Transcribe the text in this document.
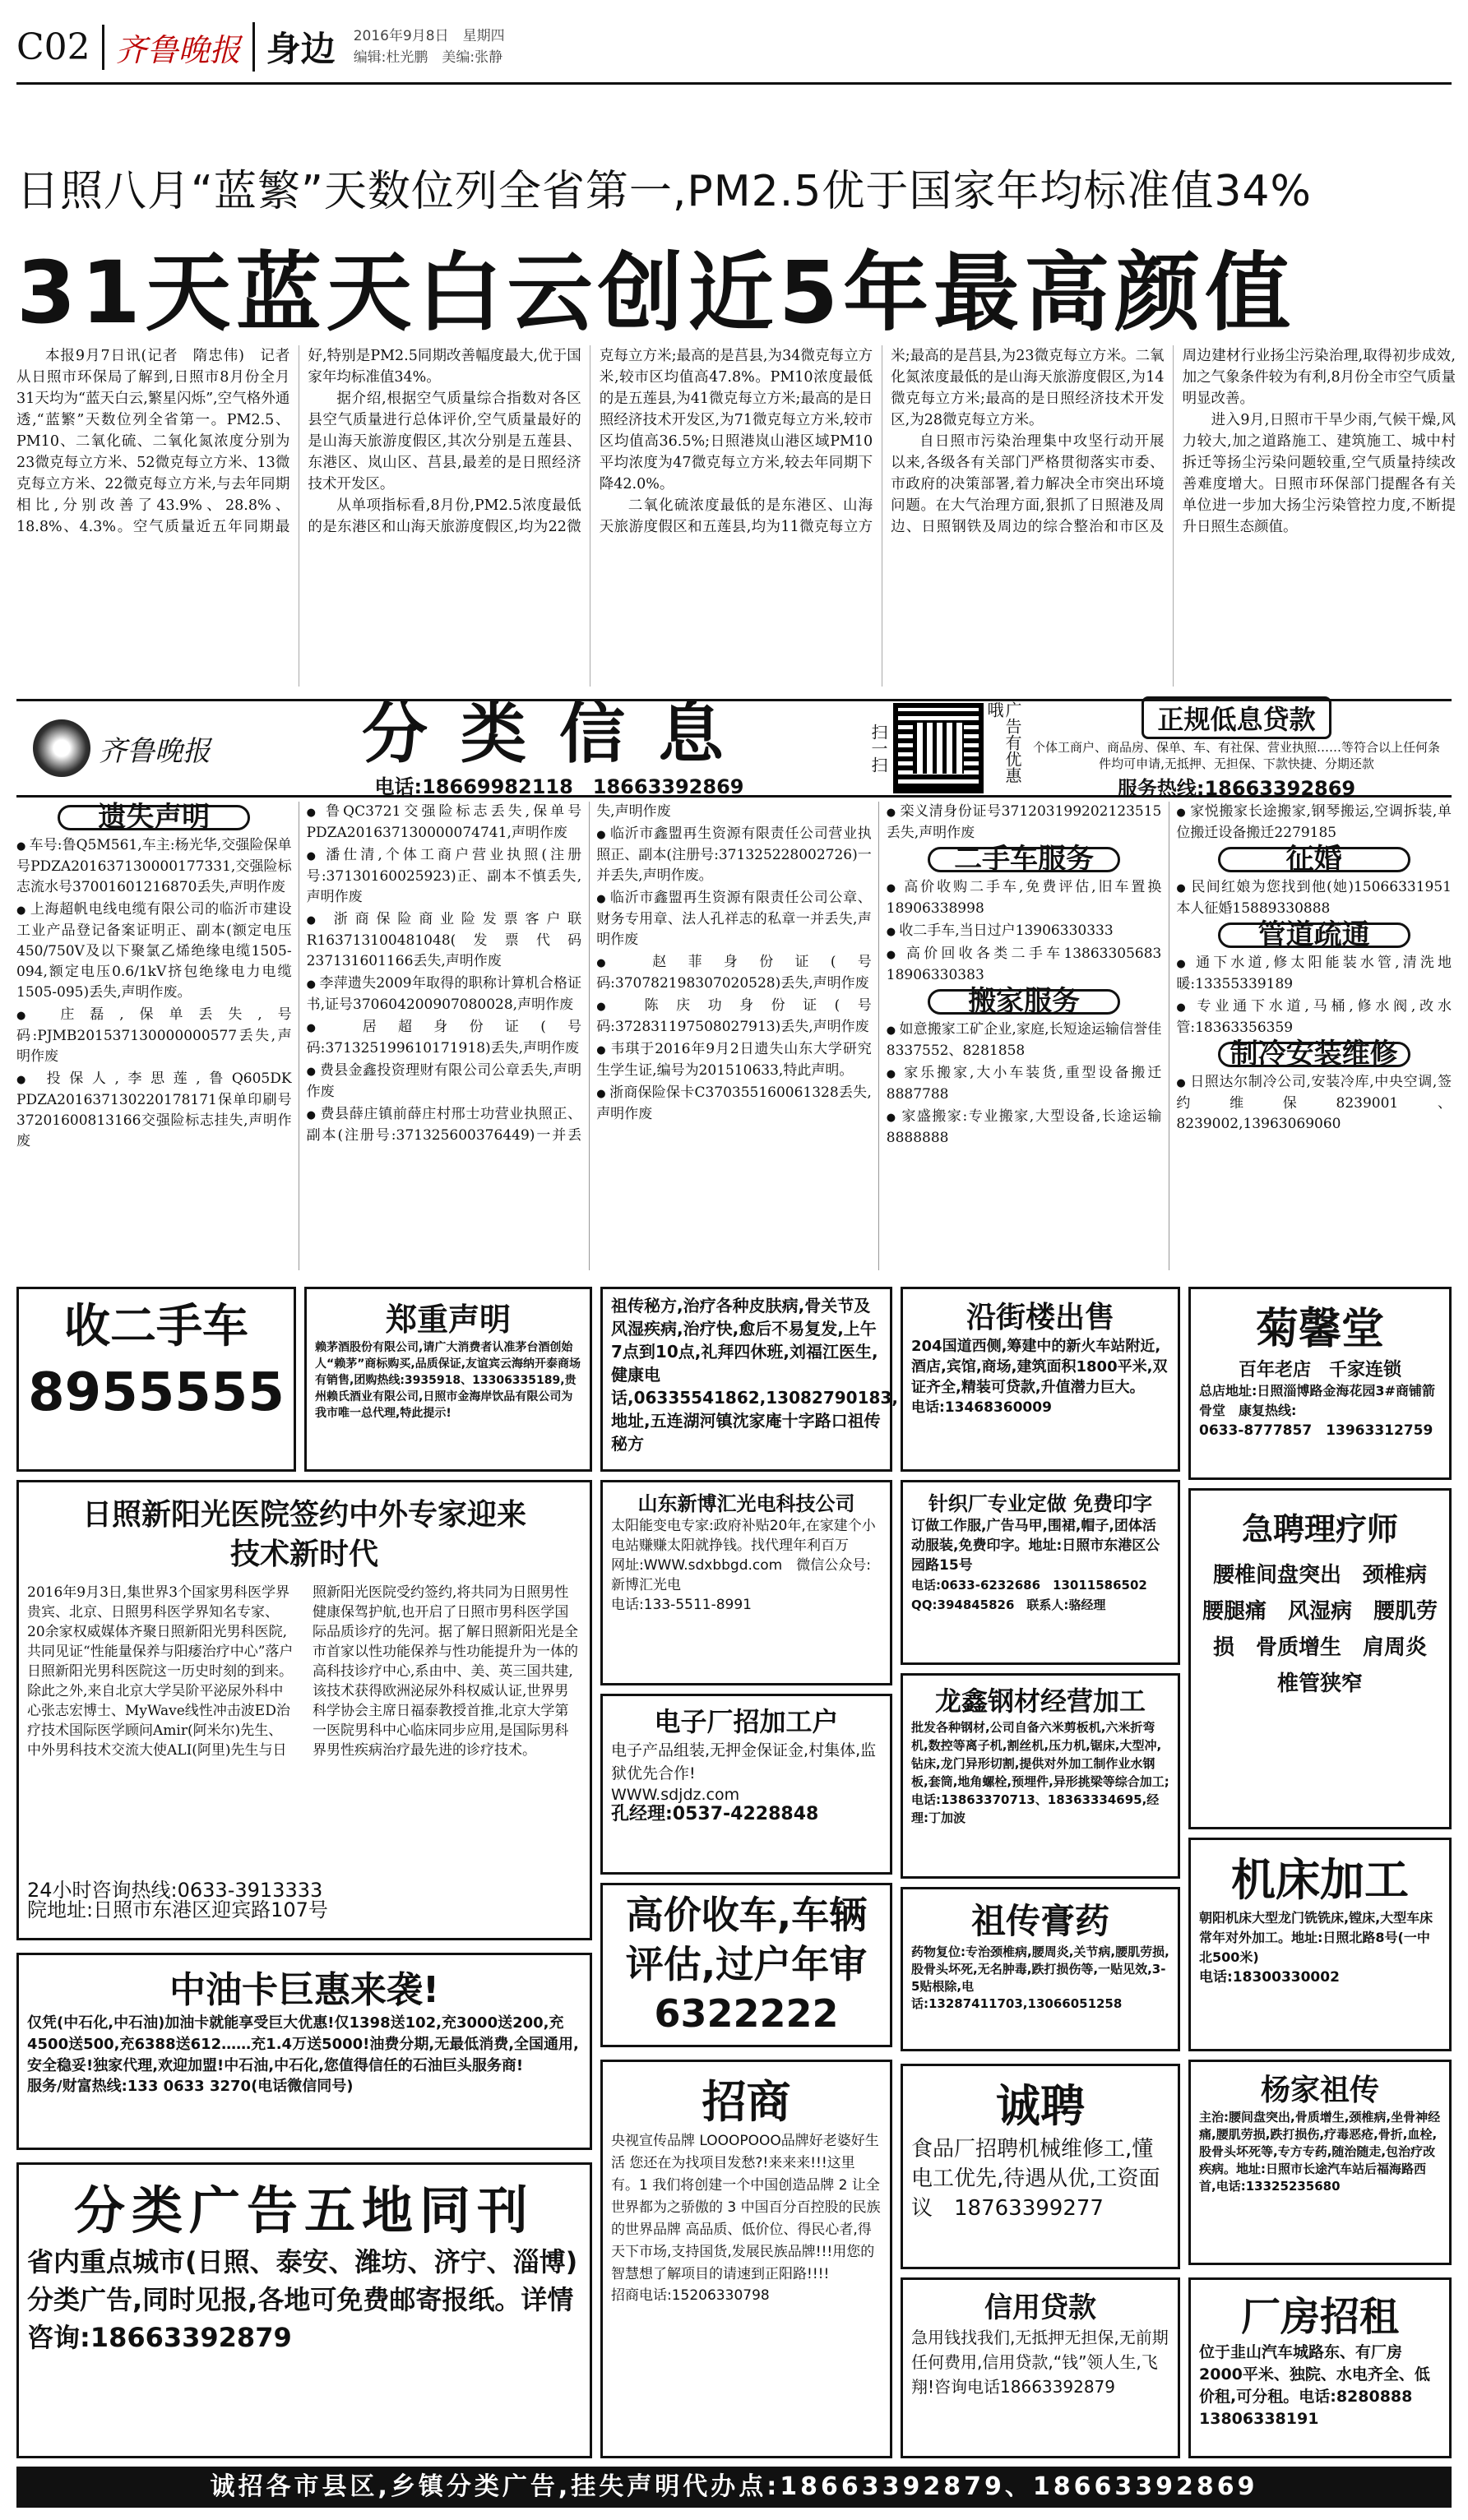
C02 齐鲁晚报 身边 2016年9月8日　星期四
编辑:杜光鹏　美编:张静
日照八月“蓝繁”天数位列全省第一,PM2.5优于国家年均标准值34%
31天蓝天白云创近5年最高颜值

本报9月7日讯(记者　隋忠伟)　记者从日照市环保局了解到,日照市8月份全月31天均为“蓝天白云,繁星闪烁”,空气格外通透,“蓝繁”天数位列全省第一。PM2.5、PM10、二氧化硫、二氧化氮浓度分别为23微克每立方米、52微克每立方米、13微克每立方米、22微克每立方米,与去年同期相比,分别改善了43.9%、28.8%、18.8%、4.3%。空气质量近五年同期最好,特别是PM2.5同期改善幅度最大,优于国家年均标准值34%。

据介绍,根据空气质量综合指数对各区县空气质量进行总体评价,空气质量最好的是山海天旅游度假区,其次分别是五莲县、东港区、岚山区、莒县,最差的是日照经济技术开发区。

从单项指标看,8月份,PM2.5浓度最低的是东港区和山海天旅游度假区,均为22微克每立方米;最高的是莒县,为34微克每立方米,较市区均值高47.8%。PM10浓度最低的是五莲县,为41微克每立方米;最高的是日照经济技术开发区,为71微克每立方米,较市区均值高36.5%;日照港岚山港区域PM10平均浓度为47微克每立方米,较去年同期下降42.0%。

二氧化硫浓度最低的是东港区、山海天旅游度假区和五莲县,均为11微克每立方米;最高的是莒县,为23微克每立方米。二氧化氮浓度最低的是山海天旅游度假区,为14微克每立方米;最高的是日照经济技术开发区,为28微克每立方米。

自日照市污染治理集中攻坚行动开展以来,各级各有关部门严格贯彻落实市委、市政府的决策部署,着力解决全市突出环境问题。在大气治理方面,狠抓了日照港及周边、日照钢铁及周边的综合整治和市区及周边建材行业扬尘污染治理,取得初步成效,加之气象条件较为有利,8月份全市空气质量明显改善。

进入9月,日照市干旱少雨,气候干燥,风力较大,加之道路施工、建筑施工、城中村拆迁等扬尘污染问题较重,空气质量持续改善难度增大。日照市环保部门提醒各有关单位进一步加大扬尘污染管控力度,不断提升日照生态颜值。

齐鲁晚报	分类信息
电话:18669982118　18663392869
扫一扫	广告有优惠哦	正规低息贷款
个体工商户、商品房、保单、车、有社保、营业执照……等符合以上任何条件均可申请,无抵押、无担保、下款快捷、分期还款
服务热线:18663392869
遗失声明
● 车号:鲁Q5M561,车主:杨光华,交强险保单号PDZA201637130000177331,交强险标志流水号37001601216870丢失,声明作废
● 上海超帆电线电缆有限公司的临沂市建设工业产品登记备案证明正、副本(额定电压450/750V及以下聚氯乙烯绝缘电缆1505-094,额定电压0.6/1kV挤包绝缘电力电缆1505-095)丢失,声明作废。
● 庄磊,保单丢失,号码:PJMB201537130000000577丢失,声明作废
● 投保人,李思莲,鲁Q605DK PDZA201637130220178171保单印刷号37201600813166交强险标志挂失,声明作废
● 鲁QC3721交强险标志丢失,保单号PDZA201637130000074741,声明作废
● 潘仕清,个体工商户营业执照(注册号:37130160025923)正、副本不慎丢失,声明作废
● 浙商保险商业险发票客户联R163713100481048(发票代码237131601166丢失,声明作废
● 李萍遗失2009年取得的职称计算机合格证书,证号370604200907080028,声明作废
● 居超身份证(号码:371325199610171918)丢失,声明作废
● 费县金鑫投资理财有限公司公章丢失,声明作废
● 费县薛庄镇前薛庄村邢士功营业执照正、副本(注册号:371325600376449)一并丢失,声明作废
● 临沂市鑫盟再生资源有限责任公司营业执照正、副本(注册号:371325228002726)一并丢失,声明作废。
● 临沂市鑫盟再生资源有限责任公司公章、财务专用章、法人孔祥志的私章一并丢失,声明作废
● 赵菲身份证(号码:370782198307020528)丢失,声明作废
● 陈庆功身份证(号码:372831197508027913)丢失,声明作废
● 韦琪于2016年9月2日遗失山东大学研究生学生证,编号为201510633,特此声明。
● 浙商保险保卡C370355160061328丢失,声明作废
● 栾义清身份证号371203199202123515丢失,声明作废
二手车服务
● 高价收购二手车,免费评估,旧车置换18906338998
● 收二手车,当日过户13906330333
● 高价回收各类二手车13863305683　18906330383
搬家服务
● 如意搬家工矿企业,家庭,长短途运输信誉佳8337552、8281858
● 家乐搬家,大小车装货,重型设备搬迁8887788
● 家盛搬家:专业搬家,大型设备,长途运输8888888
● 家悦搬家长途搬家,钢琴搬运,空调拆装,单位搬迁设备搬迁2279185
征婚
● 民间红娘为您找到他(她)15066331951　本人征婚15889330888
管道疏通
● 通下水道,修太阳能装水管,清洗地暖:13355339189
● 专业通下水道,马桶,修水阀,改水管:18363356359
制冷安装维修
● 日照达尔制冷公司,安装冷库,中央空调,签约维保8239001、8239002,13963069060
收二手车
8955555
郑重声明
赖茅酒股份有限公司,请广大消费者认准茅台酒创始人“赖茅”商标购买,品质保证,友谊宾云海纳开泰商场有销售,团购热线:3935918、13306335189,贵州赖氏酒业有限公司,日照市金海岸饮品有限公司为我市唯一总代理,特此提示!
祖传秘方,治疗各种皮肤病,骨关节及风湿疾病,治疗快,愈后不易复发,上午7点到10点,礼拜四休班,刘福江医生,健康电话,06335541862,13082790183,地址,五连湖河镇沈家庵十字路口祖传秘方
沿街楼出售
204国道西侧,筹建中的新火车站附近,酒店,宾馆,商场,建筑面积1800平米,双证齐全,精装可贷款,升值潜力巨大。
电话:13468360009
菊馨堂
百年老店　千家连锁
总店地址:日照淄博路金海花园3#商铺箭骨堂　康复热线:
0633-8777857　13963312759
日照新阳光医院签约中外专家迎来技术新时代
2016年9月3日,集世界3个国家男科医学界贵宾、北京、日照男科医学界知名专家、20余家权威媒体齐聚日照新阳光男科医院,共同见证“性能量保养与阳痿治疗中心”落户日照新阳光男科医院这一历史时刻的到来。除此之外,来自北京大学吴阶平泌尿外科中心张志宏博士、MyWave线性冲击波ED治疗技术国际医学顾问Amir(阿米尔)先生、中外男科技术交流大使ALI(阿里)先生与日照新阳光医院受约签约,将共同为日照男性健康保驾护航,也开启了日照市男科医学国际品质诊疗的先河。据了解日照新阳光是全市首家以性功能保养与性功能提升为一体的高科技诊疗中心,系由中、美、英三国共建,该技术获得欧洲泌尿外科权威认证,世界男科学协会主席日福泰教授首推,北京大学第一医院男科中心临床同步应用,是国际男科界男性疾病治疗最先进的诊疗技术。
24小时咨询热线:0633-3913333
院地址:日照市东港区迎宾路107号
山东新博汇光电科技公司
太阳能变电专家:政府补贴20年,在家建个小电站赚赚太阳就挣钱。找代理年利百万
网址:WWW.sdxbbgd.com　微信公众号:新博汇光电
电话:133-5511-8991
针织厂专业定做 免费印字
订做工作服,广告马甲,围裙,帽子,团体活动服装,免费印字。地址:日照市东港区公园路15号
电话:0633-6232686　13011586502　QQ:394845826　联系人:骆经理
急聘理疗师
腰椎间盘突出　颈椎病　腰腿痛　风湿病　腰肌劳损　骨质增生　肩周炎　椎管狭窄
电子厂招加工户
电子产品组装,无押金保证金,村集体,监狱优先合作!
WWW.sdjdz.com
孔经理:0537-4228848
龙鑫钢材经营加工
批发各种钢材,公司自备六米剪板机,六米折弯机,数控等离子机,割丝机,压力机,锯床,大型冲,钻床,龙门异形切割,提供对外加工制作业水钢板,套筒,地角螺栓,预埋件,异形挑梁等综合加工;电话:13863370713、18363334695,经理:丁加波
高价收车,车辆评估,过户年审6322222
祖传膏药
药物复位:专治颈椎病,腰周炎,关节病,腰肌劳损,股骨头坏死,无名肿毒,跌打损伤等,一贴见效,3-5贴根除,电话:13287411703,13066051258
机床加工
朝阳机床大型龙门铣铣床,镗床,大型车床常年对外加工。地址:日照北路8号(一中北500米)
电话:18300330002
中油卡巨惠来袭!
仅凭(中石化,中石油)加油卡就能享受巨大优惠!仅1398送102,充3000送200,充4500送500,充6388送612……充1.4万送5000!油费分期,无最低消费,全国通用,安全稳妥!独家代理,欢迎加盟!中石油,中石化,您值得信任的石油巨头服务商!
服务/财富热线:133 0633 3270(电话微信同号)	招商
央视宣传品牌 LOOOPOOO品牌好老婆好生活 您还在为找项目发愁?!来来来!!!这里有。1 我们将创建一个中国创造品牌 2 让全世界都为之骄傲的 3 中国百分百控股的民族的世界品牌 高品质、低价位、得民心者,得天下市场,支持国货,发展民族品牌!!!用您的智慧想了解项目的请速到正阳路!!!!
招商电话:15206330798
诚聘
食品厂招聘机械维修工,懂电工优先,待遇从优,工资面议　18763399277
杨家祖传
主治:腰间盘突出,骨质增生,颈椎病,坐骨神经痛,腰肌劳损,跌打损伤,疗毒恶疮,骨折,血栓,股骨头坏死等,专方专药,随治随走,包治疗改疾病。地址:日照市长途汽车站后福海路西首,电话:13325235680
分类广告五地同刊
省内重点城市(日照、泰安、潍坊、济宁、淄博)分类广告,同时见报,各地可免费邮寄报纸。详情咨询:18663392879
信用贷款
急用钱找我们,无抵押无担保,无前期任何费用,信用贷款,“钱”领人生,飞翔!咨询电话18663392879
厂房招租
位于韭山汽车城路东、有厂房2000平米、独院、水电齐全、低价租,可分租。电话:8280888　13806338191
诚招各市县区,乡镇分类广告,挂失声明代办点:18663392879、18663392869
